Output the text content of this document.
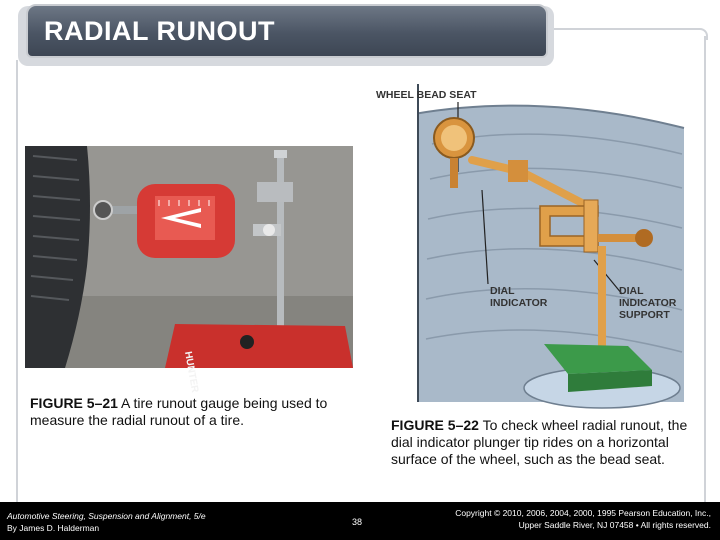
RADIAL RUNOUT
HUNTER
WHEEL BEAD SEAT
DIAL
INDICATOR
DIAL
INDICATOR
SUPPORT
FIGURE 5–21 A tire runout gauge being used to measure the radial runout of a tire.	FIGURE 5–22 To check wheel radial runout, the dial indicator plunger tip rides on a horizontal surface of the wheel, such as the bead seat.
Automotive Steering, Suspension and Alignment, 5/e
By James D. Halderman
38
Copyright © 2010, 2006, 2004, 2000, 1995 Pearson Education, Inc.,
Upper Saddle River, NJ 07458 • All rights reserved.
